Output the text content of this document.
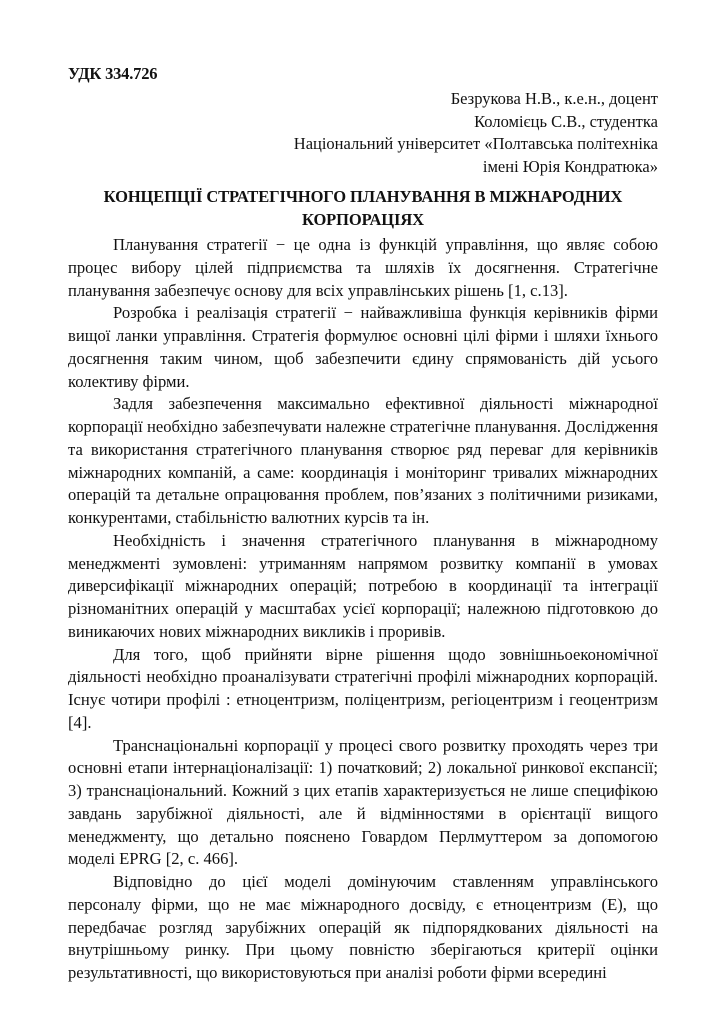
УДК 334.726
Безрукова Н.В., к.е.н., доцент
Коломієць С.В., студентка
Національний університет «Полтавська політехніка
імені Юрія Кондратюка»
КОНЦЕПЦІЇ СТРАТЕГІЧНОГО ПЛАНУВАННЯ В МІЖНАРОДНИХ
КОРПОРАЦІЯХ

Планування стратегії − це одна із функцій управління, що являє собою процес вибору цілей підприємства та шляхів їх досягнення. Стратегічне планування забезпечує основу для всіх управлінських рішень [1, с.13].

Розробка і реалізація стратегії − найважливіша функція керівників фірми вищої ланки управління. Стратегія формулює основні цілі фірми і шляхи їхнього досягнення таким чином, щоб забезпечити єдину спрямованість дій усього колективу фірми.

Задля забезпечення максимально ефективної діяльності міжнародної корпорації необхідно забезпечувати належне стратегічне планування. Дослідження та використання стратегічного планування створює ряд переваг для керівників міжнародних компаній, а саме: координація і моніторинг тривалих міжнародних операцій та детальне опрацювання проблем, пов’язаних з політичними ризиками, конкурентами, стабільністю валютних курсів та ін.

Необхідність і значення стратегічного планування в міжнародному менеджменті зумовлені: утриманням напрямом розвитку компанії в умовах диверсифікації міжнародних операцій; потребою в координації та інтеграції різноманітних операцій у масштабах усієї корпорації; належною підготовкою до виникаючих нових міжнародних викликів і проривів.

Для того, щоб прийняти вірне рішення щодо зовнішньоекономічної діяльності необхідно проаналізувати стратегічні профілі міжнародних корпорацій. Існує чотири профілі : етноцентризм, поліцентризм, регіоцентризм і геоцентризм [4].

Транснаціональні корпорації у процесі свого розвитку проходять через три основні етапи інтернаціоналізації: 1) початковий; 2) локальної ринкової експансії; 3) транснаціональний. Кожний з цих етапів характеризується не лише специфікою завдань зарубіжної діяльності, але й відмінностями в орієнтації вищого менеджменту, що детально пояснено Говардом Перлмуттером за допомогою моделі EPRG [2, с. 466].

Відповідно до цієї моделі домінуючим ставленням управлінського персоналу фірми, що не має міжнародного досвіду, є етноцентризм (E), що передбачає розгляд зарубіжних операцій як підпорядкованих діяльності на внутрішньому ринку. При цьому повністю зберігаються критерії оцінки результативності, що використовуються при аналізі роботи фірми всередині
